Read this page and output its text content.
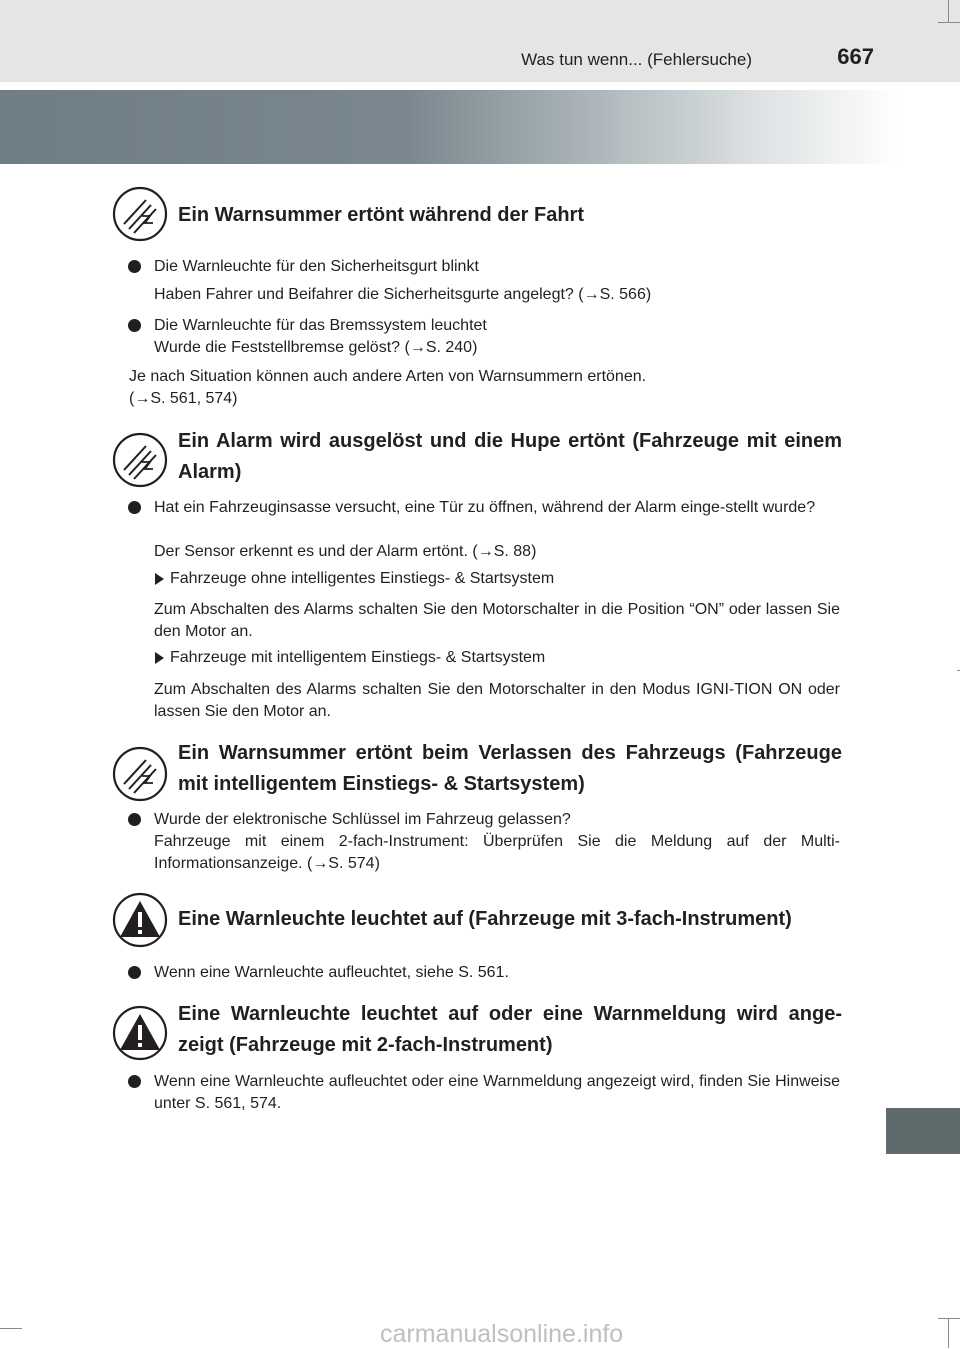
Was tun wenn... (Fehlersuche)	667
Ein Warnsummer ertönt während der Fahrt
Die Warnleuchte für den Sicherheitsgurt blinkt
Haben Fahrer und Beifahrer die Sicherheitsgurte angelegt? (→S. 566)
Die Warnleuchte für das Bremssystem leuchtet
Wurde die Feststellbremse gelöst? (→S. 240)
Je nach Situation können auch andere Arten von Warnsummern ertönen.
(→S. 561, 574)
Ein Alarm wird ausgelöst und die Hupe ertönt (Fahrzeuge mit einem Alarm)
Hat ein Fahrzeuginsasse versucht, eine Tür zu öffnen, während der Alarm einge-stellt wurde?
Der Sensor erkennt es und der Alarm ertönt. (→S. 88)
Fahrzeuge ohne intelligentes Einstiegs- & Startsystem
Zum Abschalten des Alarms schalten Sie den Motorschalter in die Position “ON” oder lassen Sie den Motor an.
Fahrzeuge mit intelligentem Einstiegs- & Startsystem
Zum Abschalten des Alarms schalten Sie den Motorschalter in den Modus IGNI-TION ON oder lassen Sie den Motor an.
Ein Warnsummer ertönt beim Verlassen des Fahrzeugs (Fahrzeuge mit intelligentem Einstiegs- & Startsystem)
Wurde der elektronische Schlüssel im Fahrzeug gelassen?
Fahrzeuge mit einem 2-fach-Instrument: Überprüfen Sie die Meldung auf der Multi-Informationsanzeige. (→S. 574)
Eine Warnleuchte leuchtet auf (Fahrzeuge mit 3-fach-Instrument)
Wenn eine Warnleuchte aufleuchtet, siehe S. 561.
Eine Warnleuchte leuchtet auf oder eine Warnmeldung wird ange-zeigt (Fahrzeuge mit 2-fach-Instrument)
Wenn eine Warnleuchte aufleuchtet oder eine Warnmeldung angezeigt wird, finden Sie Hinweise unter S. 561, 574.
carmanualsonline.info
